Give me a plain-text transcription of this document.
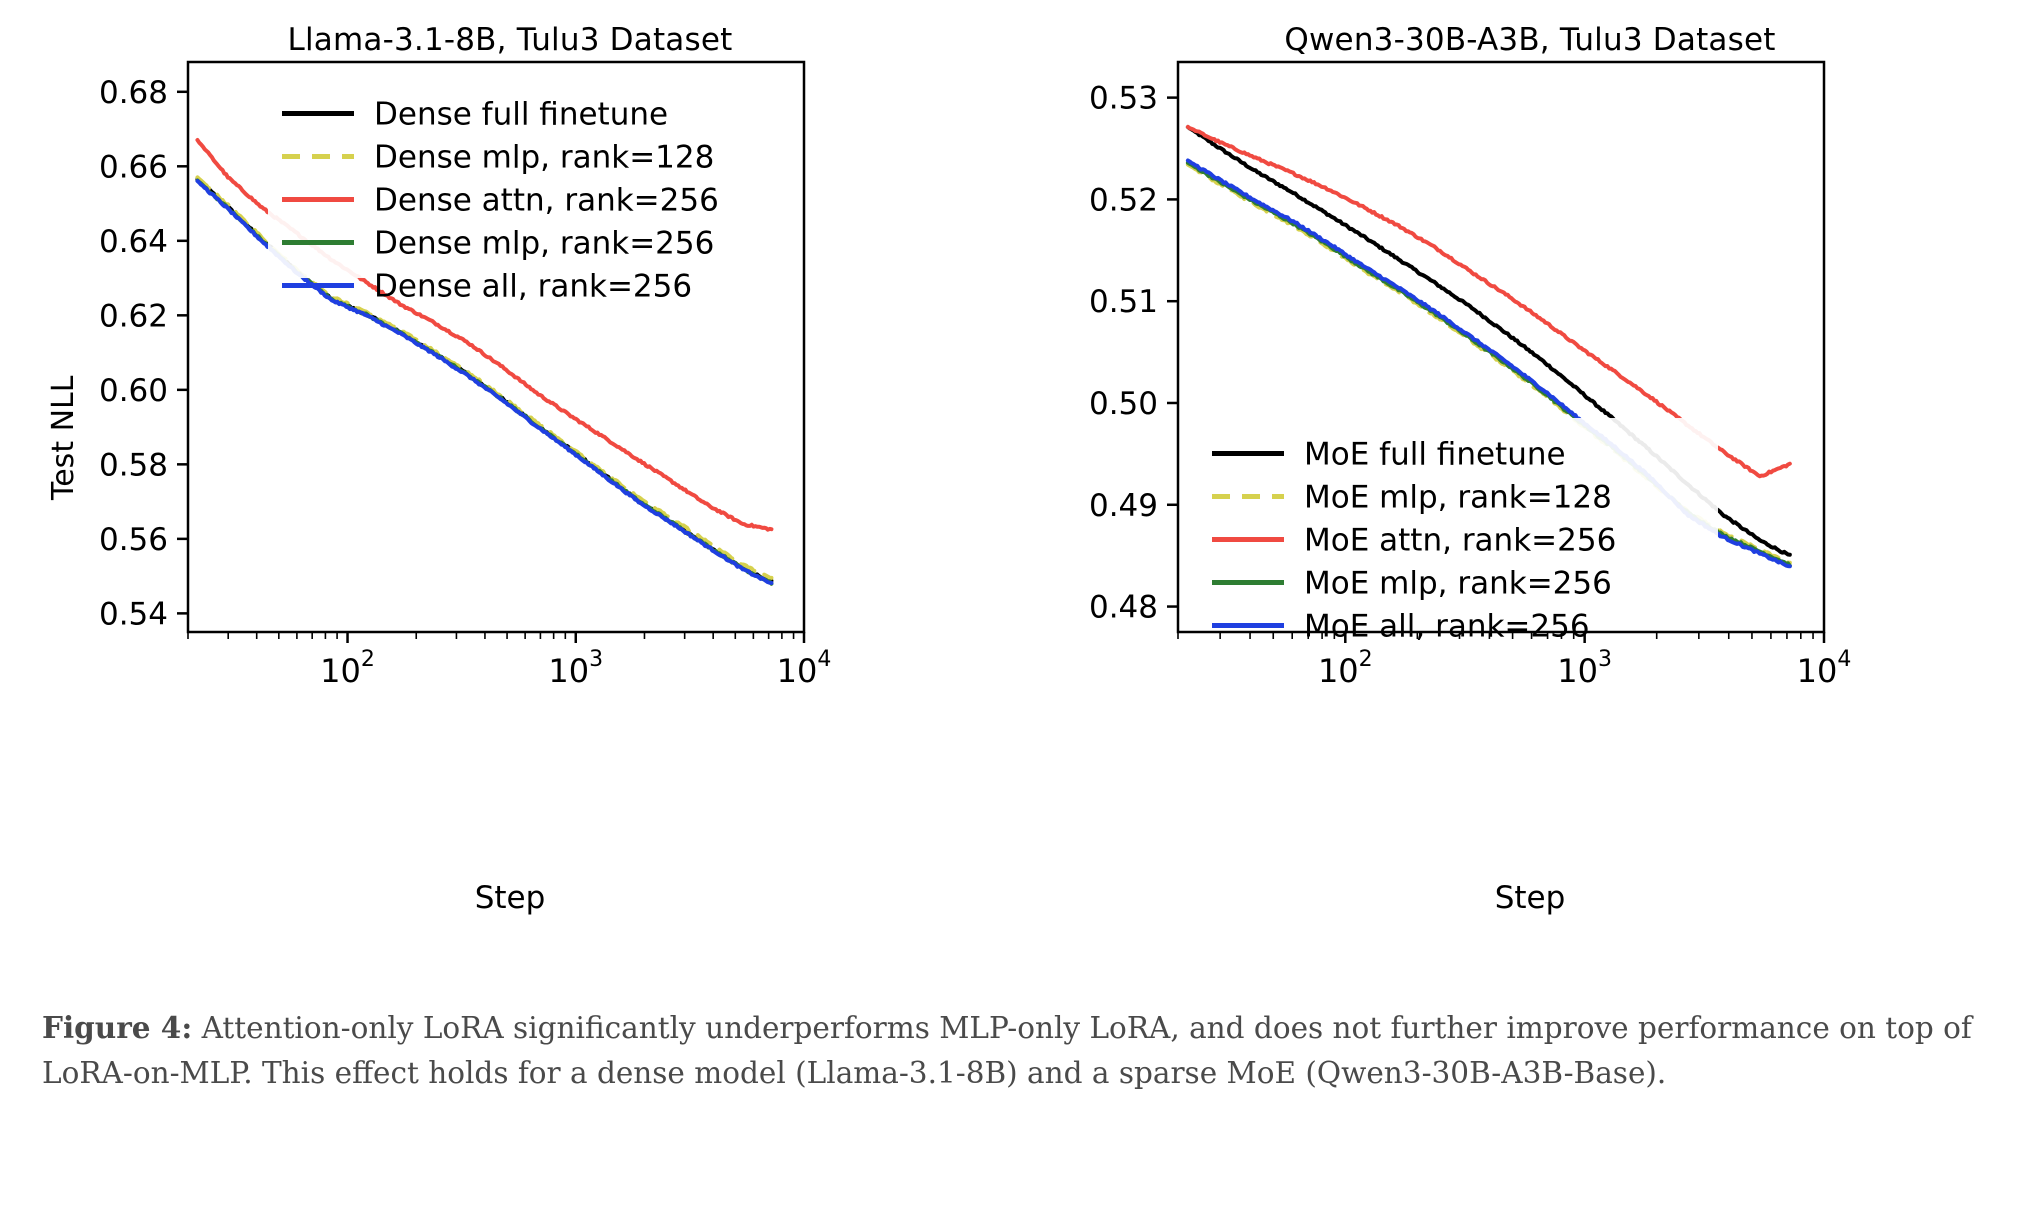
Llama-3.1-8B, Tulu3 Dataset
Test NLL
Step
0.54
0.56
0.58
0.60
0.62
0.64
0.66
0.68
$10^2$	$10^3$	$10^4$
Dense full finetune
Dense mlp, rank=128
Dense attn, rank=256
Dense mlp, rank=256
Dense all, rank=256
Qwen3-30B-A3B, Tulu3 Dataset
Step
0.48
0.49
0.50
0.51
0.52
0.53
$10^2$	$10^3$	$10^4$
MoE full finetune
MoE mlp, rank=128
MoE attn, rank=256
MoE mlp, rank=256
MoE all, rank=256
Figure 4: Attention-only LoRA significantly underperforms MLP-only LoRA, and does not further improve performance on top of LoRA-on-MLP. This effect holds for a dense model (Llama-3.1-8B) and a sparse MoE (Qwen3-30B-A3B-Base).
